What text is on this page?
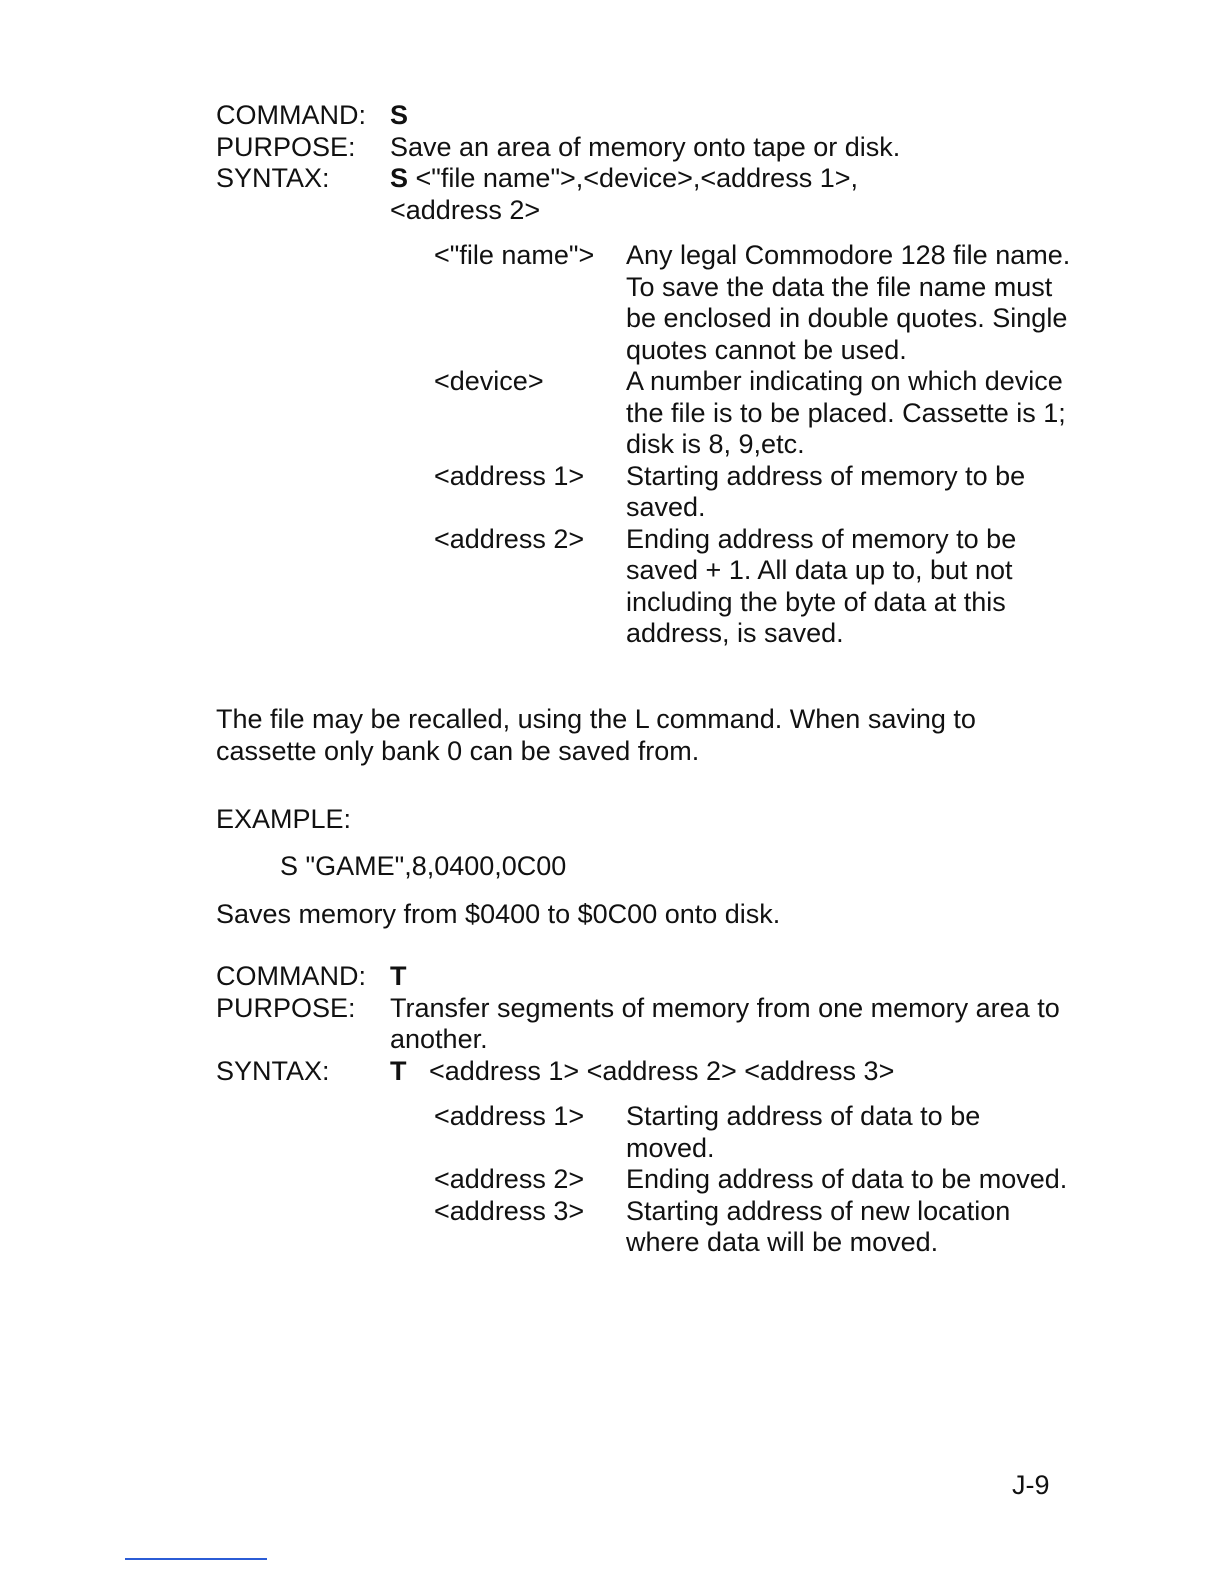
COMMAND: S
PURPOSE:	Save an area of memory onto tape or disk.
SYNTAX:	S <"file name">,<device>,<address 1>,
<address 2>
<"file name">	Any legal Commodore 128 file name. To save the data the file name must be enclosed in double quotes. Single quotes cannot be used.
<device>	A number indicating on which device the file is to be placed. Cassette is 1; disk is 8, 9,etc.
<address 1>	Starting address of memory to be saved.
<address 2>	Ending address of memory to be saved + 1. All data up to, but not including the byte of data at this address, is saved.
The file may be recalled, using the L command. When saving to cassette only bank 0 can be saved from.
EXAMPLE:
S "GAME",8,0400,0C00
Saves memory from $0400 to $0C00 onto disk.
COMMAND: T
PURPOSE:	Transfer segments of memory from one memory area to another.
SYNTAX:	T <address 1> <address 2> <address 3>
<address 1>	Starting address of data to be moved.
<address 2>	Ending address of data to be moved.
<address 3>	Starting address of new location where data will be moved.
J-9
